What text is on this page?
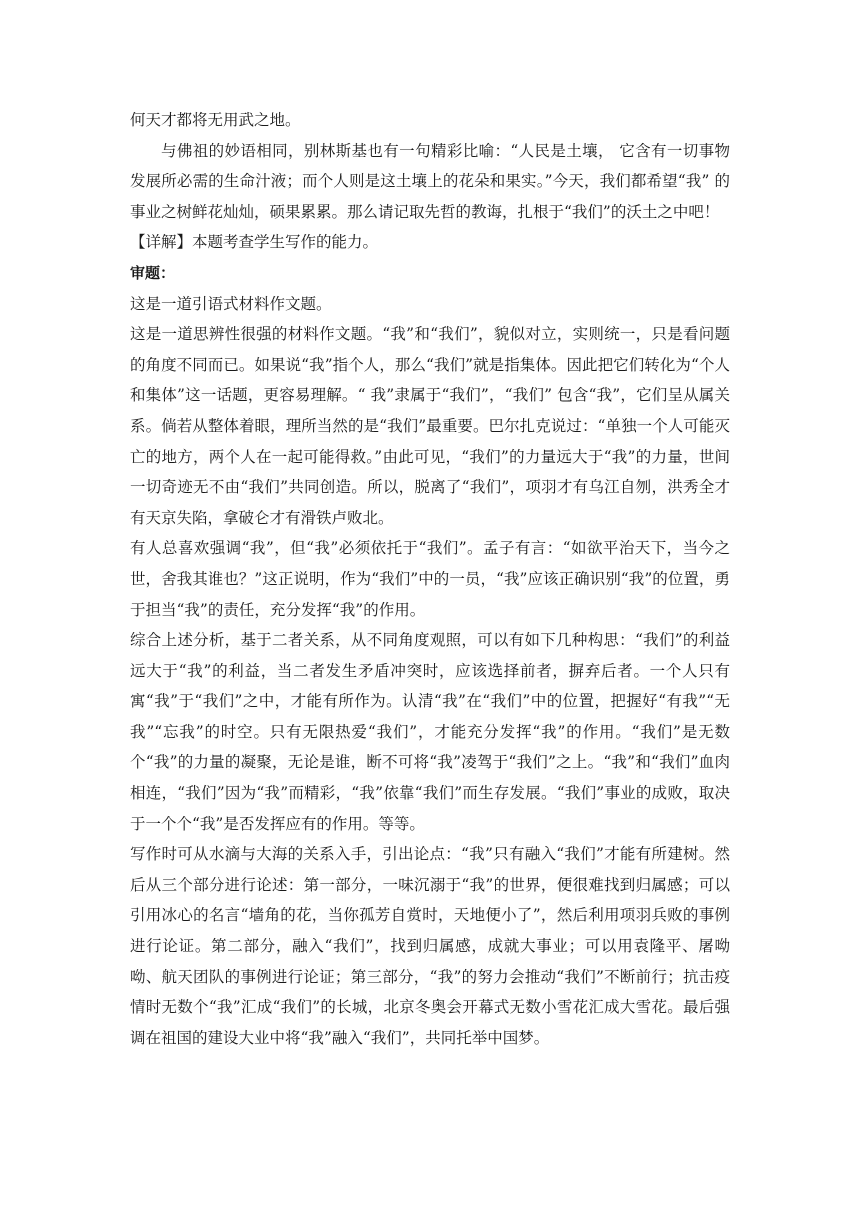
何天才都将无用武之地。

与佛祖的妙语相同，别林斯基也有一句精彩比喻：“人民是土壤， 它含有一切事物发展所必需的生命汁液；而个人则是这土壤上的花朵和果实。”今天，我们都希望“我” 的事业之树鲜花灿灿，硕果累累。那么请记取先哲的教诲，扎根于“我们”的沃土之中吧！

【详解】本题考查学生写作的能力。

审题：

这是一道引语式材料作文题。

这是一道思辨性很强的材料作文题。“我”和“我们”，貌似对立，实则统一，只是看问题的角度不同而已。如果说“我”指个人，那么“我们”就是指集体。因此把它们转化为“个人和集体”这一话题，更容易理解。“ 我”隶属于“我们”，“我们” 包含“我”，它们呈从属关系。倘若从整体着眼，理所当然的是“我们”最重要。巴尔扎克说过：“单独一个人可能灭亡的地方，两个人在一起可能得救。”由此可见，“我们”的力量远大于“我”的力量，世间一切奇迹无不由“我们”共同创造。所以，脱离了“我们”，项羽才有乌江自刎，洪秀全才有天京失陷，拿破仑才有滑铁卢败北。

有人总喜欢强调“我”，但“我”必须依托于“我们”。孟子有言：“如欲平治天下，当今之世，舍我其谁也？”这正说明，作为“我们”中的一员，“我”应该正确识别“我”的位置，勇于担当“我”的责任，充分发挥“我”的作用。

综合上述分析，基于二者关系，从不同角度观照，可以有如下几种构思：“我们”的利益远大于“我”的利益，当二者发生矛盾冲突时，应该选择前者，摒弃后者。一个人只有寓“我”于“我们”之中，才能有所作为。认清“我”在“我们”中的位置，把握好“有我”“无我”“忘我”的时空。只有无限热爱“我们”，才能充分发挥“我”的作用。“我们”是无数个“我”的力量的凝聚，无论是谁，断不可将“我”凌驾于“我们”之上。“我”和“我们”血肉相连，“我们”因为“我”而精彩，“我”依靠“我们”而生存发展。“我们”事业的成败，取决于一个个“我”是否发挥应有的作用。等等。

写作时可从水滴与大海的关系入手，引出论点：“我”只有融入“我们”才能有所建树。然后从三个部分进行论述：第一部分，一味沉溺于“我”的世界，便很难找到归属感；可以引用冰心的名言“墙角的花，当你孤芳自赏时，天地便小了”，然后利用项羽兵败的事例进行论证。第二部分，融入“我们”，找到归属感，成就大事业；可以用袁隆平、屠呦呦、航天团队的事例进行论证；第三部分，“我”的努力会推动“我们”不断前行；抗击疫情时无数个“我”汇成“我们”的长城，北京冬奥会开幕式无数小雪花汇成大雪花。最后强调在祖国的建设大业中将“我”融入“我们”，共同托举中国梦。
